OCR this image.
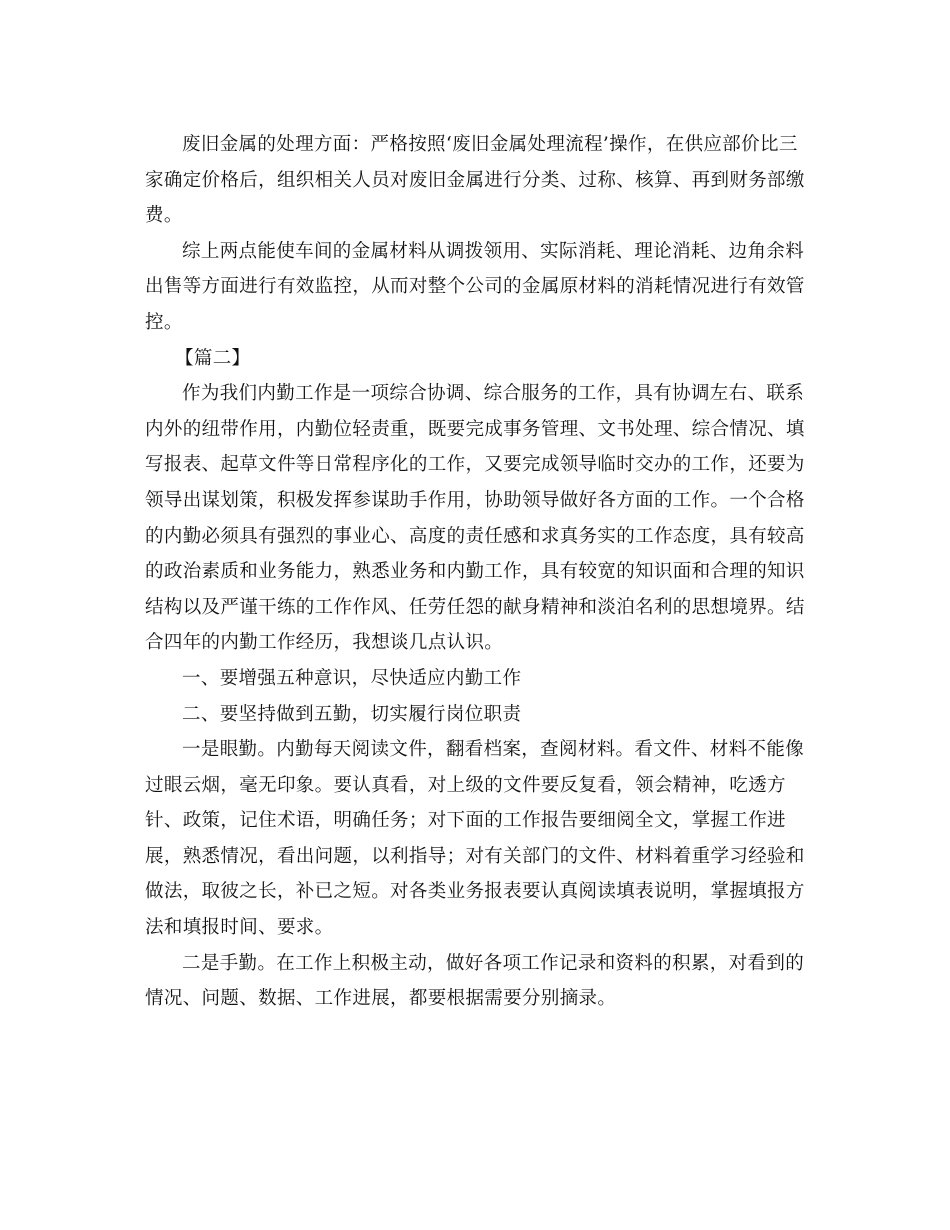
废旧金属的处理方面：严格按照‘废旧金属处理流程’操作，在供应部价比三家确定价格后，组织相关人员对废旧金属进行分类、过称、核算、再到财务部缴费。

综上两点能使车间的金属材料从调拨领用、实际消耗、理论消耗、边角余料出售等方面进行有效监控，从而对整个公司的金属原材料的消耗情况进行有效管控。

【篇二】

作为我们内勤工作是一项综合协调、综合服务的工作，具有协调左右、联系内外的纽带作用，内勤位轻责重，既要完成事务管理、文书处理、综合情况、填写报表、起草文件等日常程序化的工作，又要完成领导临时交办的工作，还要为领导出谋划策，积极发挥参谋助手作用，协助领导做好各方面的工作。一个合格的内勤必须具有强烈的事业心、高度的责任感和求真务实的工作态度，具有较高的政治素质和业务能力，熟悉业务和内勤工作，具有较宽的知识面和合理的知识结构以及严谨干练的工作作风、任劳任怨的献身精神和淡泊名利的思想境界。结合四年的内勤工作经历，我想谈几点认识。

一、要增强五种意识，尽快适应内勤工作

二、要坚持做到五勤，切实履行岗位职责

一是眼勤。内勤每天阅读文件，翻看档案，查阅材料。看文件、材料不能像过眼云烟，毫无印象。要认真看，对上级的文件要反复看，领会精神，吃透方针、政策，记住术语，明确任务；对下面的工作报告要细阅全文，掌握工作进展，熟悉情况，看出问题，以利指导；对有关部门的文件、材料着重学习经验和做法，取彼之长，补已之短。对各类业务报表要认真阅读填表说明，掌握填报方法和填报时间、要求。

二是手勤。在工作上积极主动，做好各项工作记录和资料的积累，对看到的情况、问题、数据、工作进展，都要根据需要分别摘录。
